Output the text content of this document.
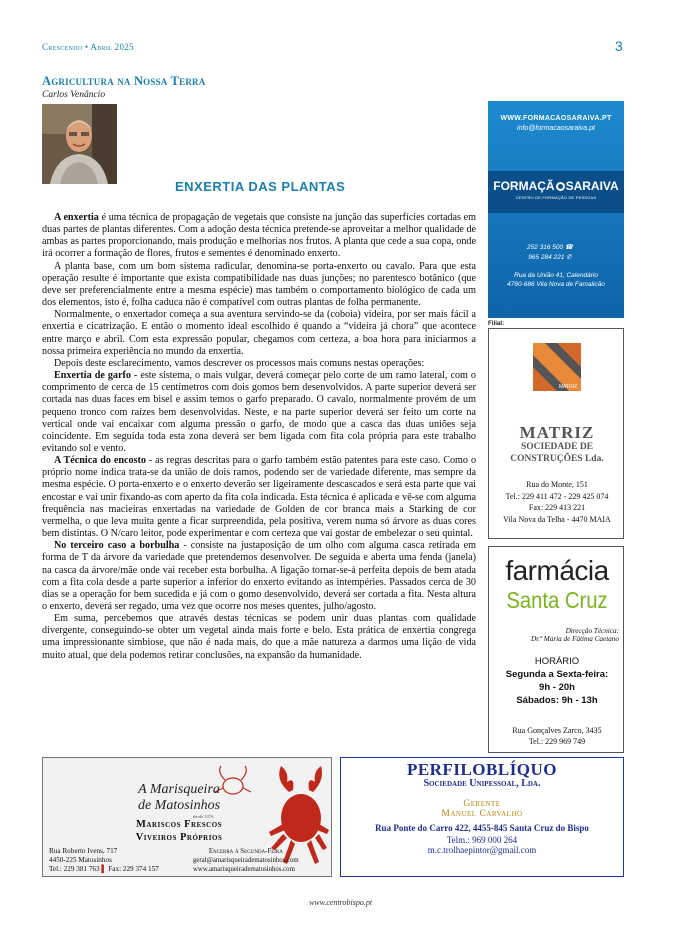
Crescendo • Abril 2025	3
Agricultura na Nossa Terra
Carlos Venâncio
ENXERTIA DAS PLANTAS

A enxertia é uma técnica de propagação de vegetais que consiste na junção das superfícies cortadas em duas partes de plantas diferentes. Com a adoção desta técnica pretende-se aproveitar a melhor qualidade de ambas as partes proporcionando, mais produção e melhorias nos frutos. A planta que cede a sua copa, onde irá ocorrer a formação de flores, frutos e sementes é denominado enxerto.

A planta base, com um bom sistema radicular, denomina-se porta-enxerto ou cavalo. Para que esta operação resulte é importante que exista compatibilidade nas duas junções; no parentesco botânico (que deve ser preferencialmente entre a mesma espécie) mas também o comportamento biológico de cada um dos elementos, isto é, folha caduca não é compatível com outras plantas de folha permanente.

Normalmente, o enxertador começa a sua aventura servindo-se da (coboia) videira, por ser mais fácil a enxertia e cicatrização. E então o momento ideal escolhido é quando a “videira já chora” que acontece entre março e abril. Com esta expressão popular, chegamos com certeza, a boa hora para iniciarmos a nossa primeira experiência no mundo da enxertia.

Depois deste esclarecimento, vamos descrever os processos mais comuns nestas operações:

Enxertia de garfo - este sistema, o mais vulgar, deverá começar pelo corte de um ramo lateral, com o comprimento de cerca de 15 centímetros com dois gomos bem desenvolvidos. A parte superior deverá ser cortada nas duas faces em bisel e assim temos o garfo preparado. O cavalo, normalmente provém de um pequeno tronco com raízes bem desenvolvidas. Neste, e na parte superior deverá ser feito um corte na vertical onde vai encaixar com alguma pressão o garfo, de modo que a casca das duas uniões seja coincidente. Em seguida toda esta zona deverá ser bem ligada com fita cola própria para este trabalho evitando sol e vento.

A Técnica do encosto - as regras descritas para o garfo também estão patentes para este caso. Como o próprio nome indica trata-se da união de dois ramos, podendo ser de variedade diferente, mas sempre da mesma espécie. O porta-enxerto e o enxerto deverão ser ligeiramente descascados e será esta parte que vai encostar e vai unir fixando-as com aperto da fita cola indicada. Esta técnica é aplicada e vê-se com alguma frequência nas macieiras enxertadas na variedade de Golden de cor branca mais a Starking de cor vermelha, o que leva muita gente a ficar surpreendida, pela positiva, verem numa só árvore as duas cores bem distintas. O N/caro leitor, pode experimentar e com certeza que vai gostar de embelezar o seu quintal.

No terceiro caso a borbulha - consiste na justaposição de um olho com alguma casca retirada em forma de T da árvore da variedade que pretendemos desenvolver. De seguida e aberta uma fenda (janela) na casca da árvore/mãe onde vai receber esta borbulha. A ligação tornar-se-á perfeita depois de bem atada com a fita cola desde a parte superior a inferior do enxerto evitando as intempéries. Passados cerca de 30 dias se a operação for bem sucedida e já com o gomo desenvolvido, deverá ser cortada a fita. Nesta altura o enxerto, deverá ser regado, uma vez que ocorre nos meses quentes, julho/agosto.

Em suma, percebemos que através destas técnicas se podem unir duas plantas com qualidade divergente, conseguindo-se obter um vegetal ainda mais forte e belo. Esta prática de enxertia congrega uma impressionante simbiose, que não é nada mais, do que a mãe natureza a darmos uma lição de vida muito atual, que dela podemos retirar conclusões, na expansão da humanidade.

WWW.FORMACAOSARAIVA.PT
info@formacaosaraiva.pt
FORMAÇÃ SARAIVA
CENTRO DE FORMAÇÃO DE PESSOAS
252 316 500 ☎
965 284 221 ✆
Rua da União 41, Calendário
4760-686 Vila Nova de Famalicão
Filial:
MATRIZ
MATRIZ
SOCIEDADE DE
CONSTRUÇÕES Lda.
Rua do Monte, 151
Tel.: 229 411 472 - 229 425 074
Fax: 229 413 221
Vila Nova da Telha - 4470 MAIA
farmácia
Santa Cruz
Direcção Técnica:
Dr.ª Maria de Fátima Caetano
HORÁRIO
Segunda a Sexta-feira:
9h - 20h
Sábados: 9h - 13h
Rua Gonçalves Zarco, 3435
Tel.: 229 969 749
A Marisqueira
de Matosinhos
desde 1976
Mariscos Frescos
Viveiros Próprios
Rua Roberto Ivens, 717
4450-225 Matosinhos
Tel.: 229 381 763 ▌ Fax: 229 374 157
Encerra à Segunda-Feira
geral@amarisqueiradematosinhos.com
www.amarisqueiradematosinhos.com
PERFILOBLÍQUO
Sociedade Unipessoal, Lda.
Gerente
Manuel Carvalho
Rua Ponte do Carro 422, 4455-845 Santa Cruz do Bispo
Telm.: 969 000 264
m.c.trolhaepintor@gmail.com
www.centrobispo.pt
